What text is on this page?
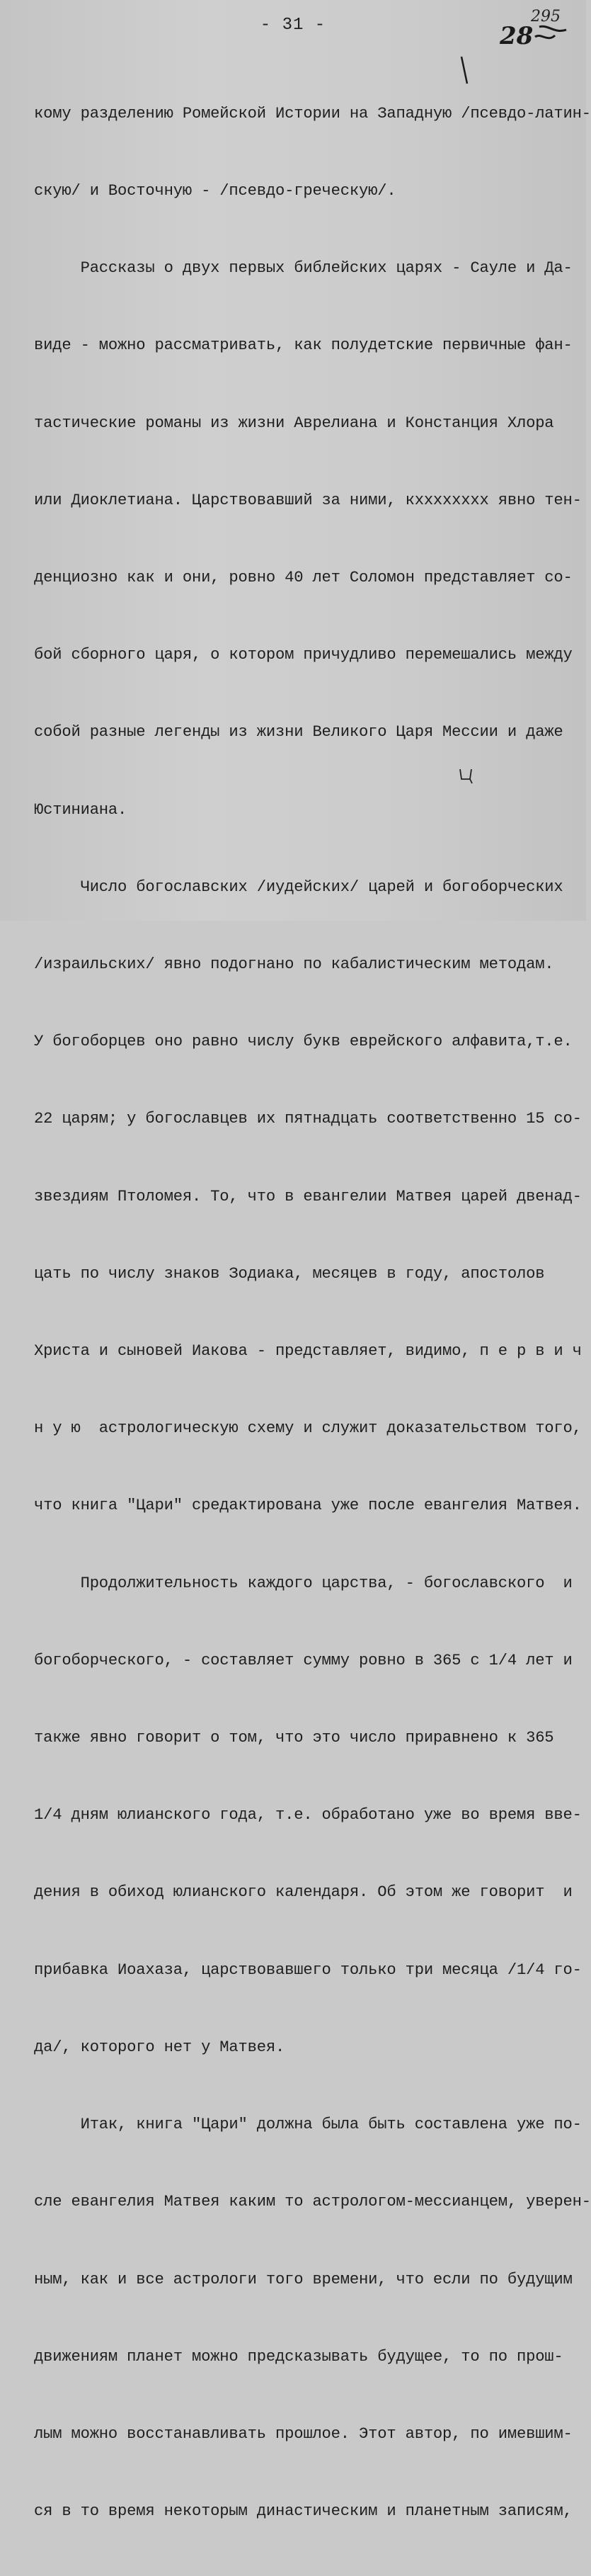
- 31 -	295
28

кому разделению Ромейской Истории на Западную /псевдо-латин-

скую/ и Восточную - /псевдо-греческую/.

Рассказы о двух первых библейских царях - Сауле и Да-

виде - можно рассматривать, как полудетские первичные фан-

тастические романы из жизни Аврелиана и Констанция Хлора

или Диоклетиана. Царствовавший за ними, кхххххххх явно тен-

денциозно как и они, ровно 40 лет Соломон представляет со-

бой сборного царя, о котором причудливо перемешались между

собой разные легенды из жизни Великого Царя Мессии и даже

Юстиниана.

Число богославских /иудейских/ царей и богоборческих

/израильских/ явно подогнано по кабалистическим методам.

У богоборцев оно равно числу букв еврейского алфавита,т.е.

22 царям; у богославцев их пятнадцать соответственно 15 со-

звездиям Птоломея. То, что в евангелии Матвея царей двенад-

цать по числу знаков Зодиака, месяцев в году, апостолов

Христа и сыновей Иакова - представляет, видимо, п е р в и ч

н у ю  астрологическую схему и служит доказательством того,

что книга "Цари" средактирована уже после евангелия Матвея.

Продолжительность каждого царства, - богославского  и

богоборческого, - составляет сумму ровно в 365 с 1/4 лет и

также явно говорит о том, что это число приравнено к 365

1/4 дням юлианского года, т.е. обработано уже во время вве-

дения в обиход юлианского календаря. Об этом же говорит  и

прибавка Иоахаза, царствовавшего только три месяца /1/4 го-

да/, которого нет у Матвея.

Итак, книга "Цари" должна была быть составлена уже по-

сле евангелия Матвея каким то астрологом-мессианцем, уверен-

ным, как и все астрологи того времени, что если по будущим

движениям планет можно предсказывать будущее, то по прош-

лым можно восстанавливать прошлое. Этот автор, по имевшим-

ся в то время некоторым династическим и планетным записям,
